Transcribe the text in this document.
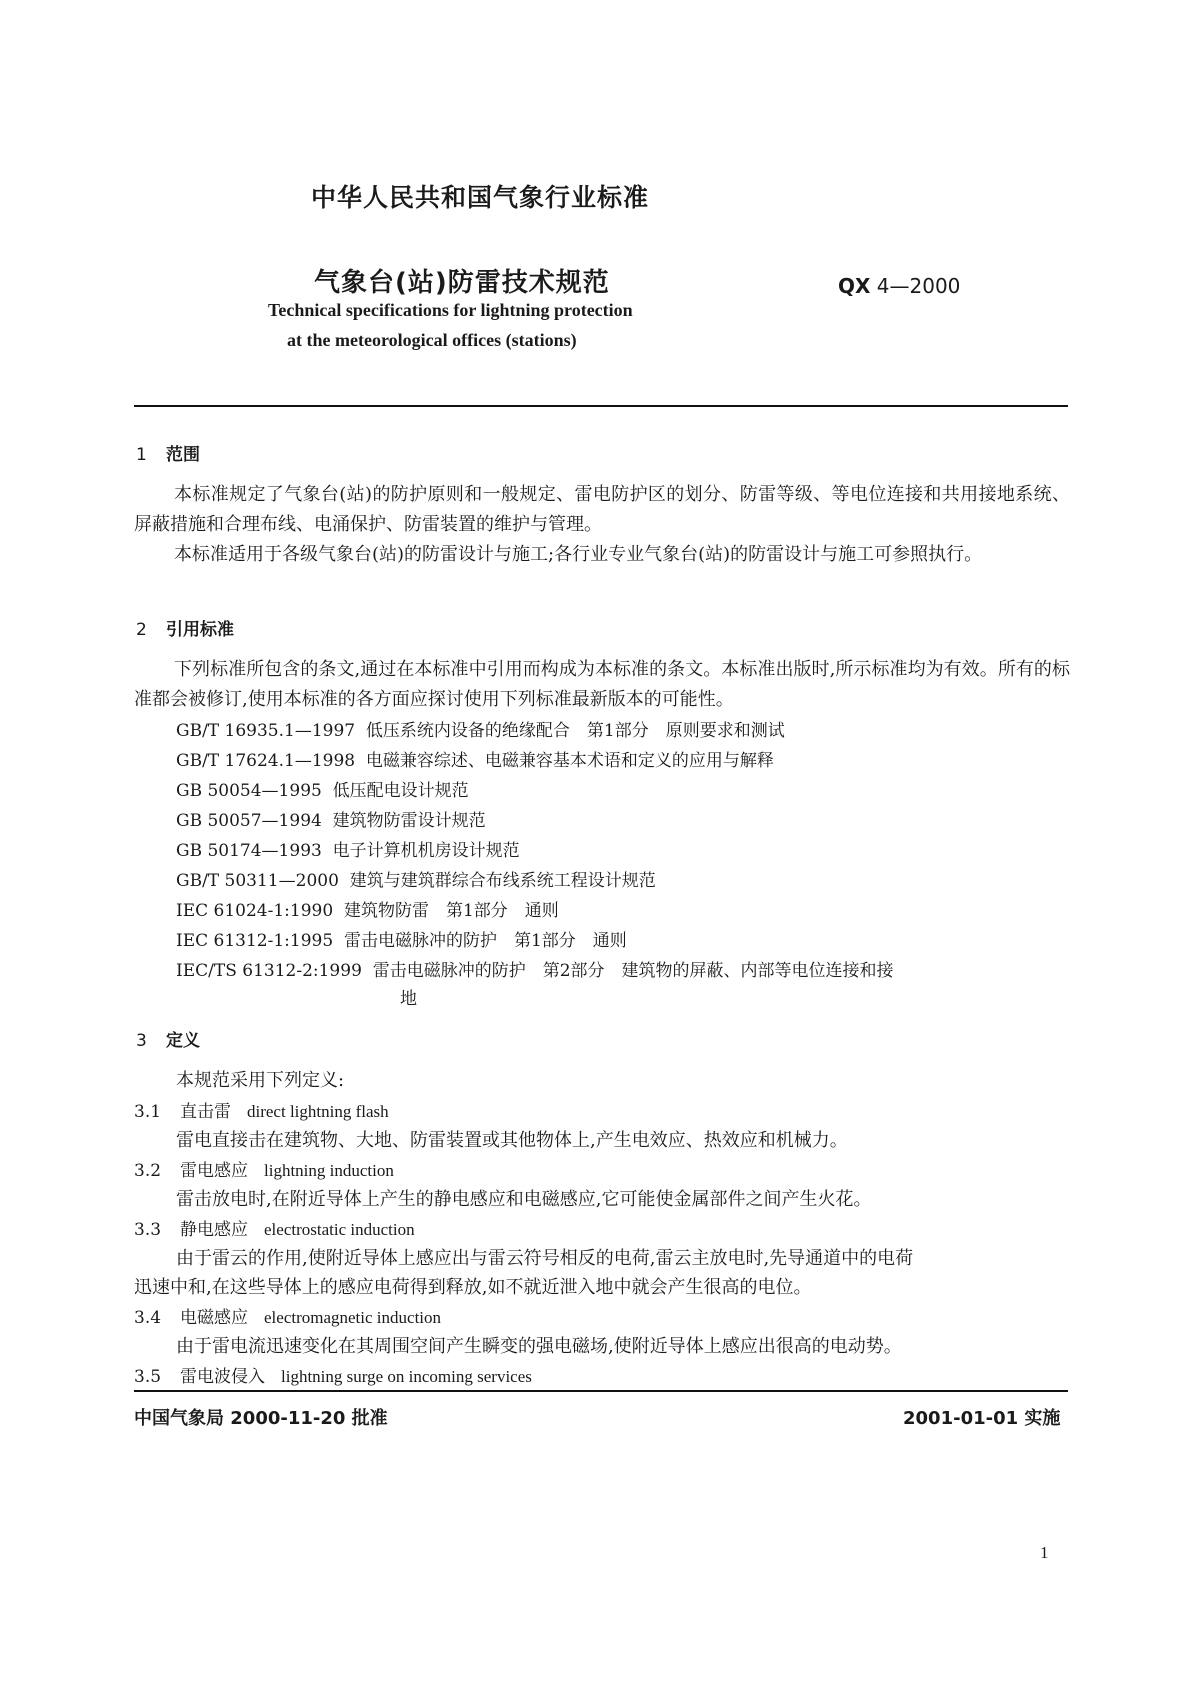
中华人民共和国气象行业标准
气象台(站)防雷技术规范	QX 4—2000
Technical specifications for lightning protection
at the meteorological offices (stations)
1 范围
本标准规定了气象台(站)的防护原则和一般规定、雷电防护区的划分、防雷等级、等电位连接和共用接地系统、屏蔽措施和合理布线、电涌保护、防雷装置的维护与管理。
本标准适用于各级气象台(站)的防雷设计与施工;各行业专业气象台(站)的防雷设计与施工可参照执行。
2 引用标准
下列标准所包含的条文,通过在本标准中引用而构成为本标准的条文。本标准出版时,所示标准均为有效。所有的标准都会被修订,使用本标准的各方面应探讨使用下列标准最新版本的可能性。
GB/T 16935.1—1997 低压系统内设备的绝缘配合　第1部分　原则要求和测试
GB/T 17624.1—1998 电磁兼容综述、电磁兼容基本术语和定义的应用与解释
GB 50054—1995 低压配电设计规范
GB 50057—1994 建筑物防雷设计规范
GB 50174—1993 电子计算机机房设计规范
GB/T 50311—2000 建筑与建筑群综合布线系统工程设计规范
IEC 61024-1:1990 建筑物防雷　第1部分　通则
IEC 61312-1:1995 雷击电磁脉冲的防护　第1部分　通则
IEC/TS 61312-2:1999 雷击电磁脉冲的防护　第2部分　建筑物的屏蔽、内部等电位连接和接
地
3 定义
本规范采用下列定义:
3.1 直击雷 direct lightning flash
雷电直接击在建筑物、大地、防雷装置或其他物体上,产生电效应、热效应和机械力。
3.2 雷电感应 lightning induction
雷击放电时,在附近导体上产生的静电感应和电磁感应,它可能使金属部件之间产生火花。
3.3 静电感应 electrostatic induction
由于雷云的作用,使附近导体上感应出与雷云符号相反的电荷,雷云主放电时,先导通道中的电荷
迅速中和,在这些导体上的感应电荷得到释放,如不就近泄入地中就会产生很高的电位。
3.4 电磁感应 electromagnetic induction
由于雷电流迅速变化在其周围空间产生瞬变的强电磁场,使附近导体上感应出很高的电动势。
3.5 雷电波侵入 lightning surge on incoming services
中国气象局 2000-11-20 批准	2001-01-01 实施
1
